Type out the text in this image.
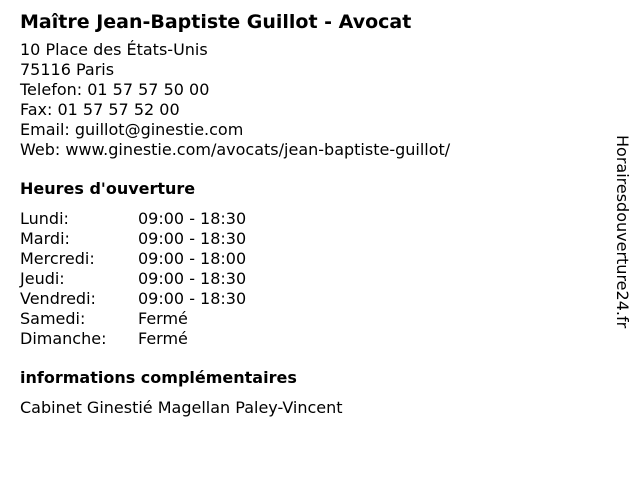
Maître Jean-Baptiste Guillot - Avocat
10 Place des États-Unis
75116 Paris
Telefon: 01 57 57 50 00
Fax: 01 57 57 52 00
Email: guillot@ginestie.com
Web: www.ginestie.com/avocats/jean-baptiste-guillot/
Heures d'ouverture
Lundi:	09:00 - 18:30
Mardi:	09:00 - 18:30
Mercredi:	09:00 - 18:00
Jeudi:	09:00 - 18:30
Vendredi:	09:00 - 18:30
Samedi:	Fermé
Dimanche:	Fermé
informations complémentaires
Cabinet Ginestié Magellan Paley-Vincent
Horairesdouverture24.fr
